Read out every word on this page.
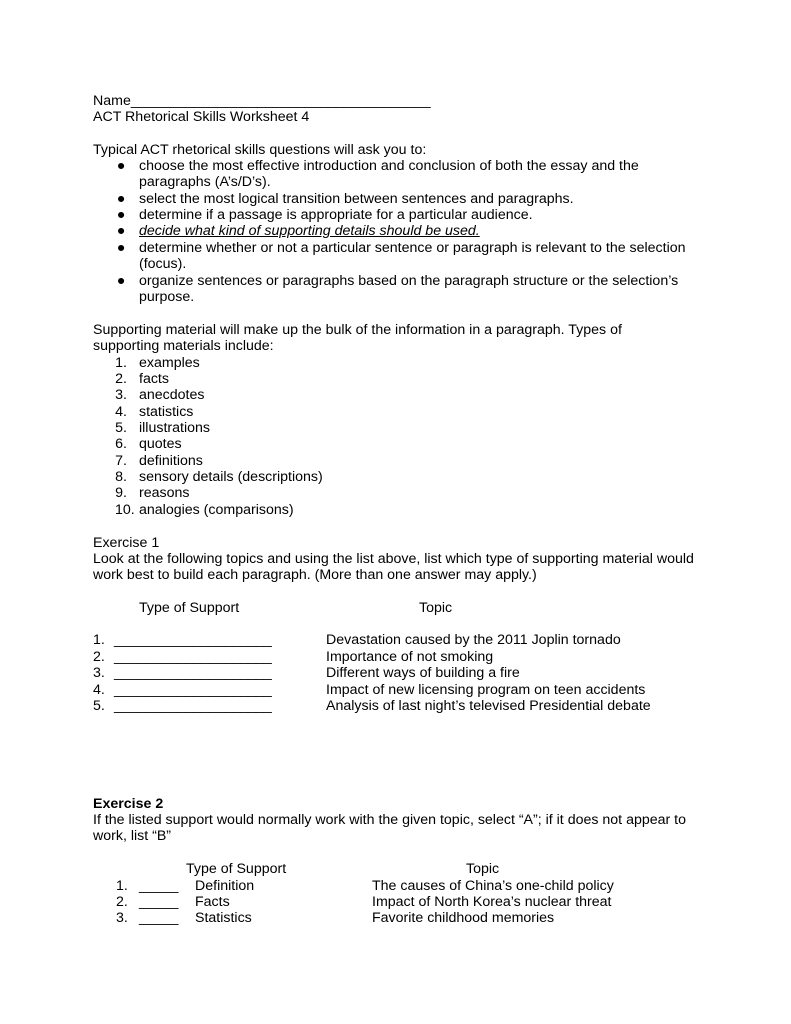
Name______________________________________
ACT Rhetorical Skills Worksheet 4
Typical ACT rhetorical skills questions will ask you to:
● choose the most effective introduction and conclusion of both the essay and the
paragraphs (A’s/D’s).
● select the most logical transition between sentences and paragraphs.
● determine if a passage is appropriate for a particular audience.
● decide what kind of supporting details should be used.
● determine whether or not a particular sentence or paragraph is relevant to the selection
(focus).
● organize sentences or paragraphs based on the paragraph structure or the selection’s
purpose.
Supporting material will make up the bulk of the information in a paragraph. Types of
supporting materials include:
1. examples
2. facts
3. anecdotes
4. statistics
5. illustrations
6. quotes
7. definitions
8. sensory details (descriptions)
9. reasons
10. analogies (comparisons)
Exercise 1
Look at the following topics and using the list above, list which type of supporting material would
work best to build each paragraph. (More than one answer may apply.)
Type of Support	Topic
1. ____________________	Devastation caused by the 2011 Joplin tornado
2. ____________________	Importance of not smoking
3. ____________________	Different ways of building a fire
4. ____________________	Impact of new licensing program on teen accidents
5. ____________________	Analysis of last night’s televised Presidential debate
Exercise 2
If the listed support would normally work with the given topic, select “A”; if it does not appear to
work, list “B”
Type of Support	Topic
1. _____ Definition	The causes of China’s one-child policy
2. _____ Facts	Impact of North Korea’s nuclear threat
3. _____ Statistics	Favorite childhood memories
